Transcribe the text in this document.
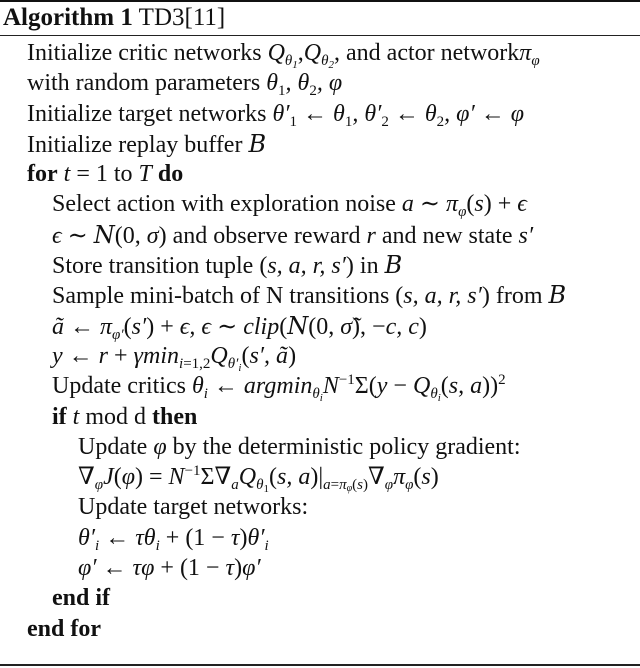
Algorithm 1 TD3[11]
Initialize critic networks $Q_{\theta_1},Q_{\theta_2}$, and actor networkπ$_\varphi$
with random parameters $\theta_1$, $\theta_2$, φ
Initialize target networks $\theta'_1$ ← $\theta_1$, $\theta'_2$ ← $\theta_2$, φ′ ← φ
Initialize replay buffer B
for t = 1 to T do
Select action with exploration noise a ∼ $\pi_\varphi(s) + \epsilon$
ϵ ∼ N(0, σ) and observe reward r and new state s′
Store transition tuple (s, a, r, s′) in B
Sample mini-batch of N transitions (s, a, r, s′) from B
ã ← $\pi_{\varphi'}(s') + \epsilon$, ϵ ∼ clip(N(0, σ̃), −c, c)
y ← $r + \gamma\min_{i=1,2}Q_{\theta'_i}(s'$, ã)
Update critics $\theta_i$ ← $argmin_{\theta_i}N^{-1}\Sigma(y - Q_{\theta_i}(s$, a))$^2$
if t mod d then
Update φ by the deterministic policy gradient:
$\nabla_\varphi J(\varphi) = N^{-1}\Sigma\nabla_aQ_{\theta_1}(s$, $a)|_{a=\pi_\varphi(s)}\nabla_\varphi\pi_\varphi(s)$
Update target networks:
$\theta'_i$ ← $\tau\theta_i + (1 - \tau)\theta'_i$
φ′ ← τφ + (1 − τ)φ′
end if
end for
